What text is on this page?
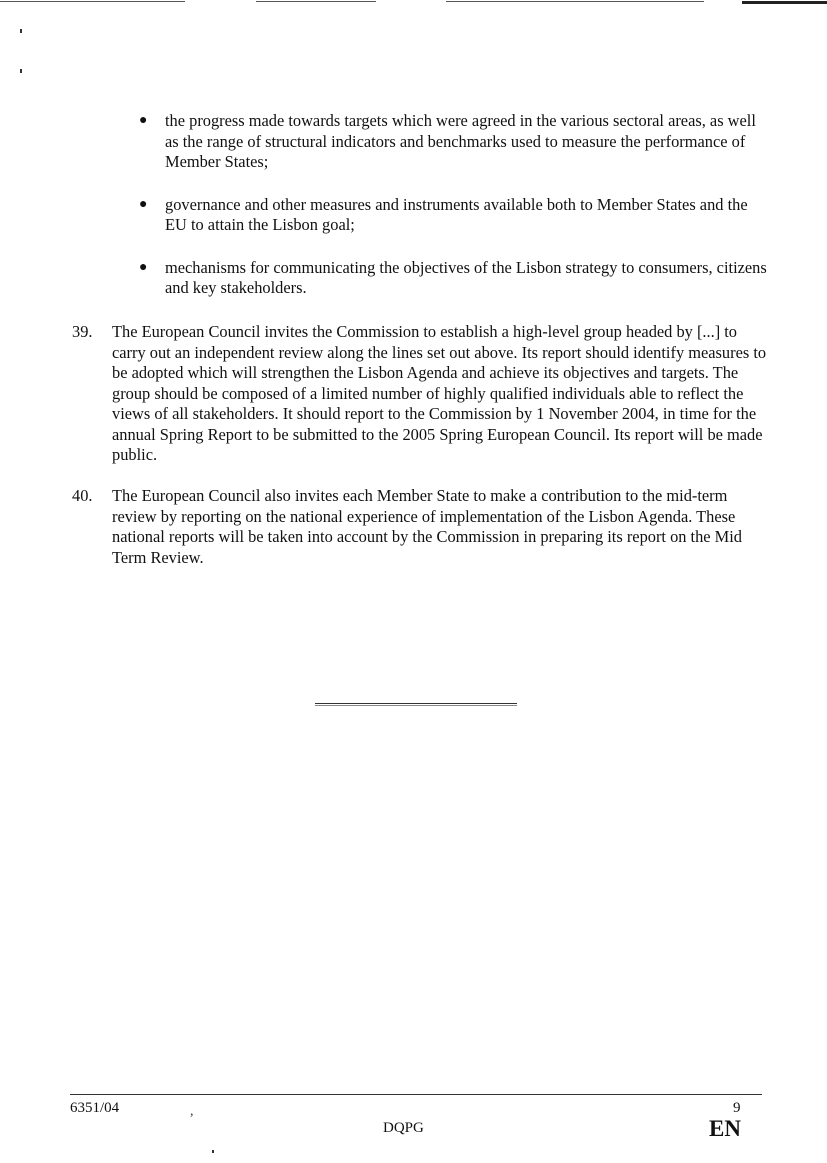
● the progress made towards targets which were agreed in the various sectoral areas, as well as the range of structural indicators and benchmarks used to measure the performance of Member States;
● governance and other measures and instruments available both to Member States and the EU to attain the Lisbon goal;
● mechanisms for communicating the objectives of the Lisbon strategy to consumers, citizens and key stakeholders.
39.	The European Council invites the Commission to establish a high-level group headed by [...] to carry out an independent review along the lines set out above. Its report should identify measures to be adopted which will strengthen the Lisbon Agenda and achieve its objectives and targets. The group should be composed of a limited number of highly qualified individuals able to reflect the views of all stakeholders. It should report to the Commission by 1 November 2004, in time for the annual Spring Report to be submitted to the 2005 Spring European Council. Its report will be made public.
40.	The European Council also invites each Member State to make a contribution to the mid-term review by reporting on the national experience of implementation of the Lisbon Agenda. These national reports will be taken into account by the Commission in preparing its report on the Mid Term Review.
6351/04	,
DQPG
9
EN
